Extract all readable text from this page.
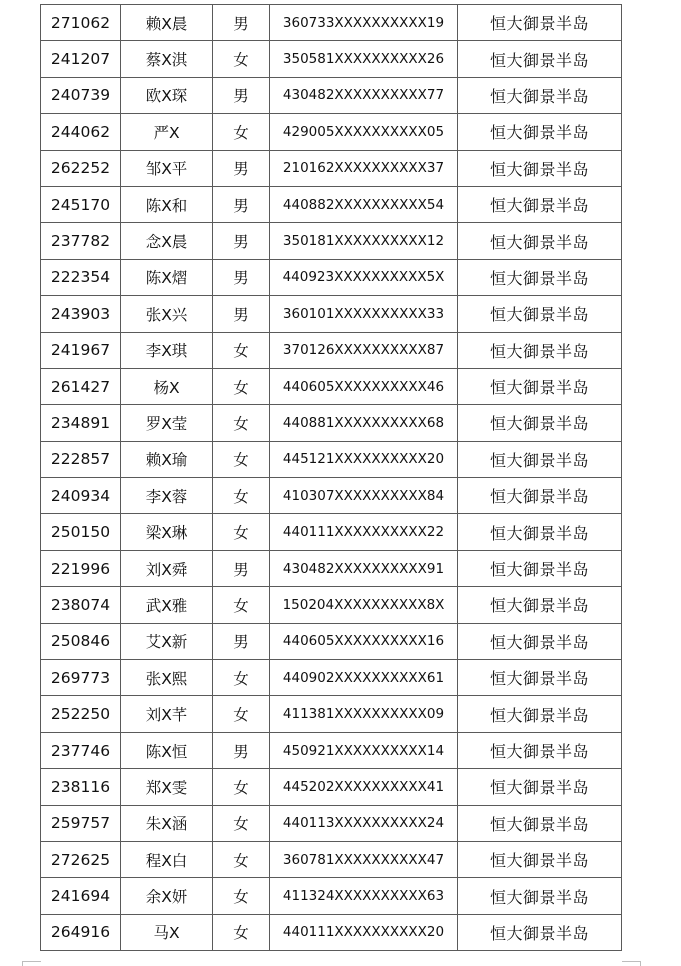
271062	赖X晨	男	360733XXXXXXXXXX19	恒大御景半岛
241207	蔡X淇	女	350581XXXXXXXXXX26	恒大御景半岛
240739	欧X琛	男	430482XXXXXXXXXX77	恒大御景半岛
244062	严X	女	429005XXXXXXXXXX05	恒大御景半岛
262252	邹X平	男	210162XXXXXXXXXX37	恒大御景半岛
245170	陈X和	男	440882XXXXXXXXXX54	恒大御景半岛
237782	念X晨	男	350181XXXXXXXXXX12	恒大御景半岛
222354	陈X熠	男	440923XXXXXXXXXX5X	恒大御景半岛
243903	张X兴	男	360101XXXXXXXXXX33	恒大御景半岛
241967	李X琪	女	370126XXXXXXXXXX87	恒大御景半岛
261427	杨X	女	440605XXXXXXXXXX46	恒大御景半岛
234891	罗X莹	女	440881XXXXXXXXXX68	恒大御景半岛
222857	赖X瑜	女	445121XXXXXXXXXX20	恒大御景半岛
240934	李X蓉	女	410307XXXXXXXXXX84	恒大御景半岛
250150	梁X琳	女	440111XXXXXXXXXX22	恒大御景半岛
221996	刘X舜	男	430482XXXXXXXXXX91	恒大御景半岛
238074	武X雅	女	150204XXXXXXXXXX8X	恒大御景半岛
250846	艾X新	男	440605XXXXXXXXXX16	恒大御景半岛
269773	张X熙	女	440902XXXXXXXXXX61	恒大御景半岛
252250	刘X芊	女	411381XXXXXXXXXX09	恒大御景半岛
237746	陈X恒	男	450921XXXXXXXXXX14	恒大御景半岛
238116	郑X雯	女	445202XXXXXXXXXX41	恒大御景半岛
259757	朱X涵	女	440113XXXXXXXXXX24	恒大御景半岛
272625	程X白	女	360781XXXXXXXXXX47	恒大御景半岛
241694	余X妍	女	411324XXXXXXXXXX63	恒大御景半岛
264916	马X	女	440111XXXXXXXXXX20	恒大御景半岛
